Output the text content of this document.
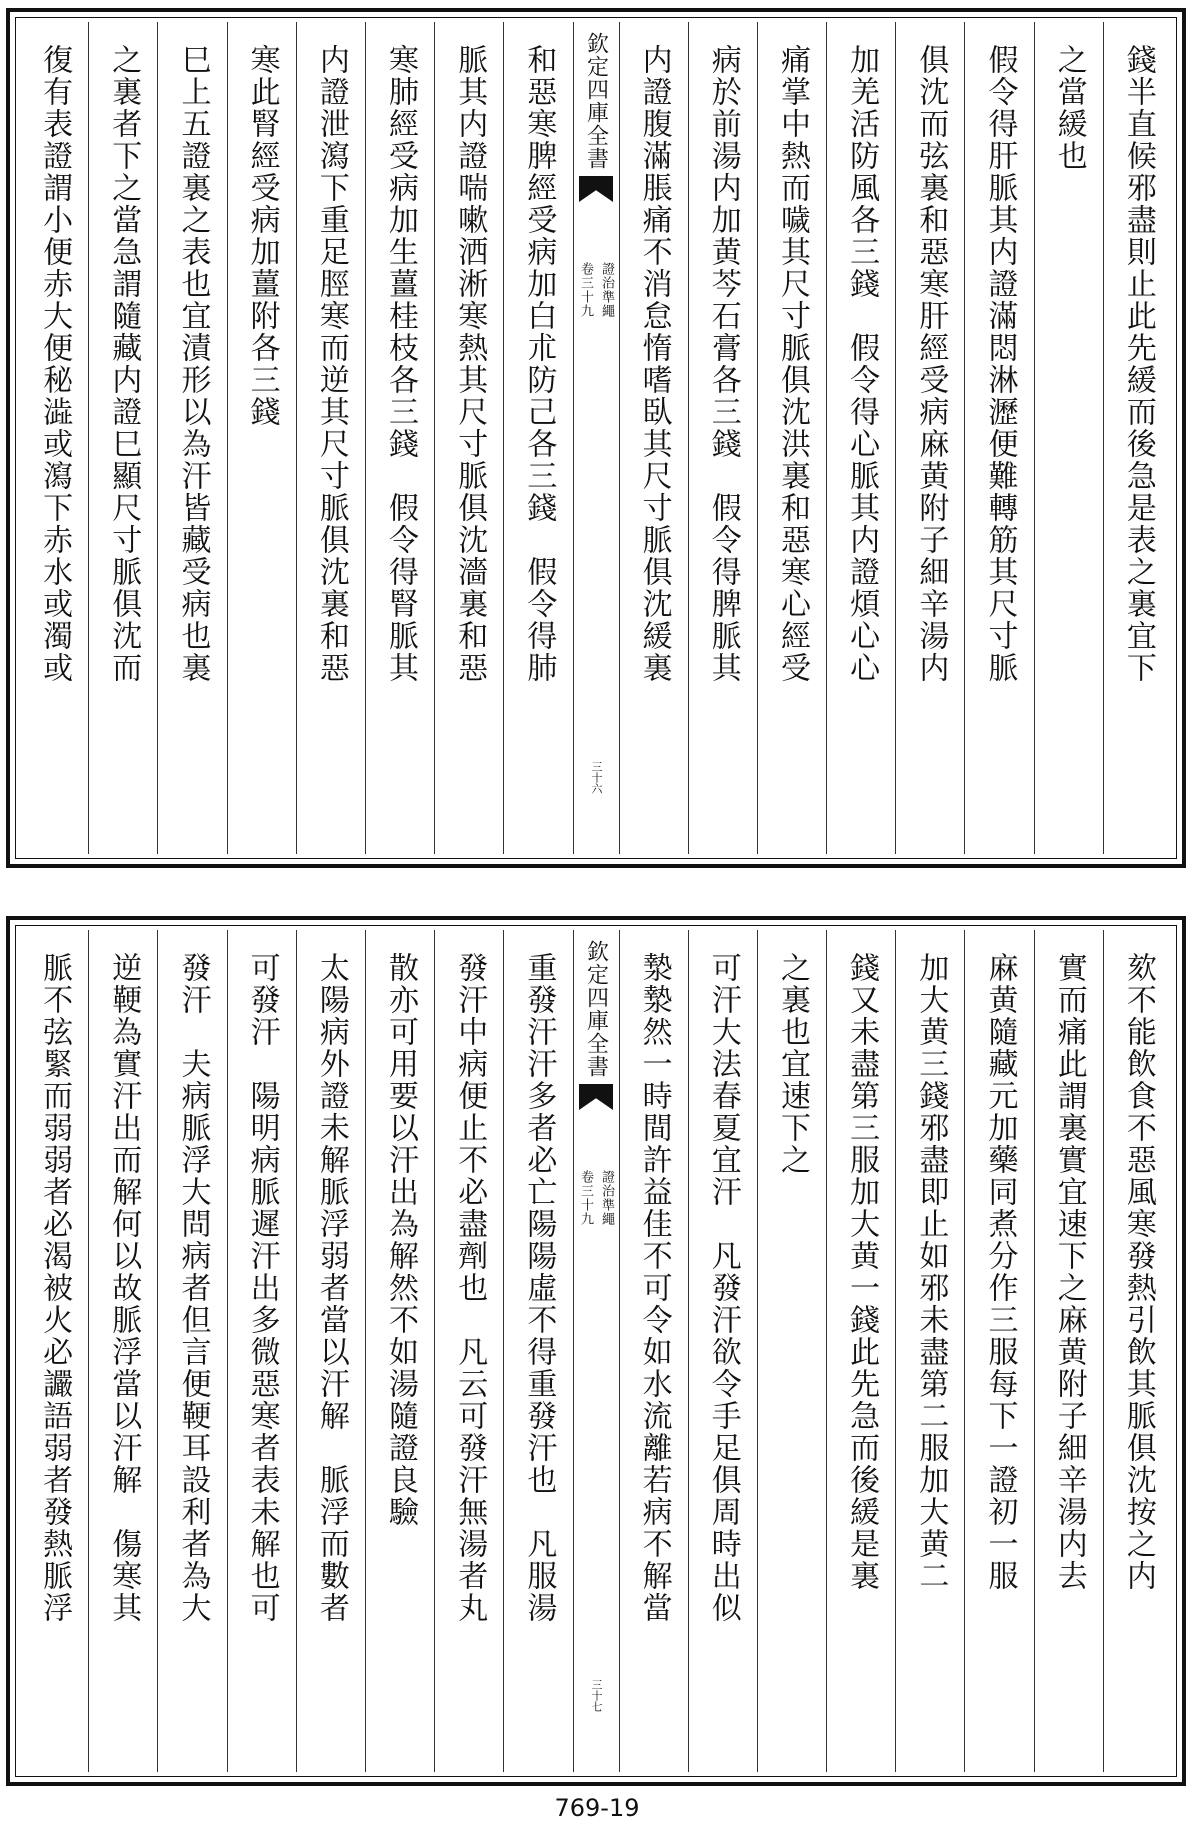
錢半直候邪盡則止此先緩而後急是表之裏宜下
之當緩也
假令得肝脈其内證滿悶淋瀝便難轉筋其尺寸脈
俱沈而弦裏和惡寒肝經受病麻黄附子細辛湯内
加羌活防風各三錢　假令得心脈其内證煩心心
痛掌中熱而噦其尺寸脈俱沈洪裏和惡寒心經受
病於前湯内加黄芩石膏各三錢　假令得脾脈其
内證腹滿脹痛不消怠惰嗜臥其尺寸脈俱沈緩裏
欽定四庫全書
證治準繩
卷三十九
三十六
和惡寒脾經受病加白朮防己各三錢　假令得肺
脈其内證喘嗽洒淅寒熱其尺寸脈俱沈濇裏和惡
寒肺經受病加生薑桂枝各三錢　假令得腎脈其
内證泄瀉下重足脛寒而逆其尺寸脈俱沈裏和惡
寒此腎經受病加薑附各三錢
巳上五證裏之表也宜漬形以為汗皆藏受病也裏
之裏者下之當急謂隨藏内證巳顯尺寸脈俱沈而
復有表證謂小便赤大便秘澁或瀉下赤水或濁或
欬不能飲食不惡風寒發熱引飲其脈俱沈按之内
實而痛此謂裏實宜速下之麻黄附子細辛湯内去
麻黄隨藏元加藥同煮分作三服每下一證初一服
加大黄三錢邪盡即止如邪未盡第二服加大黄二
錢又未盡第三服加大黄一錢此先急而後緩是裏
之裏也宜速下之
可汗大法春夏宜汗　凡發汗欲令手足俱周時出似
漐漐然一時間許益佳不可令如水流離若病不解當
欽定四庫全書
證治準繩
卷三十九
三十七
重發汗汗多者必亡陽陽虛不得重發汗也　凡服湯
發汗中病便止不必盡劑也　凡云可發汗無湯者丸
散亦可用要以汗出為解然不如湯隨證良驗
太陽病外證未解脈浮弱者當以汗解　脈浮而數者
可發汗　陽明病脈遲汗出多微惡寒者表未解也可
發汗　夫病脈浮大問病者但言便鞕耳設利者為大
逆鞕為實汗出而解何以故脈浮當以汗解　傷寒其
脈不弦緊而弱弱者必渴被火必讝語弱者發熱脈浮
769-19
